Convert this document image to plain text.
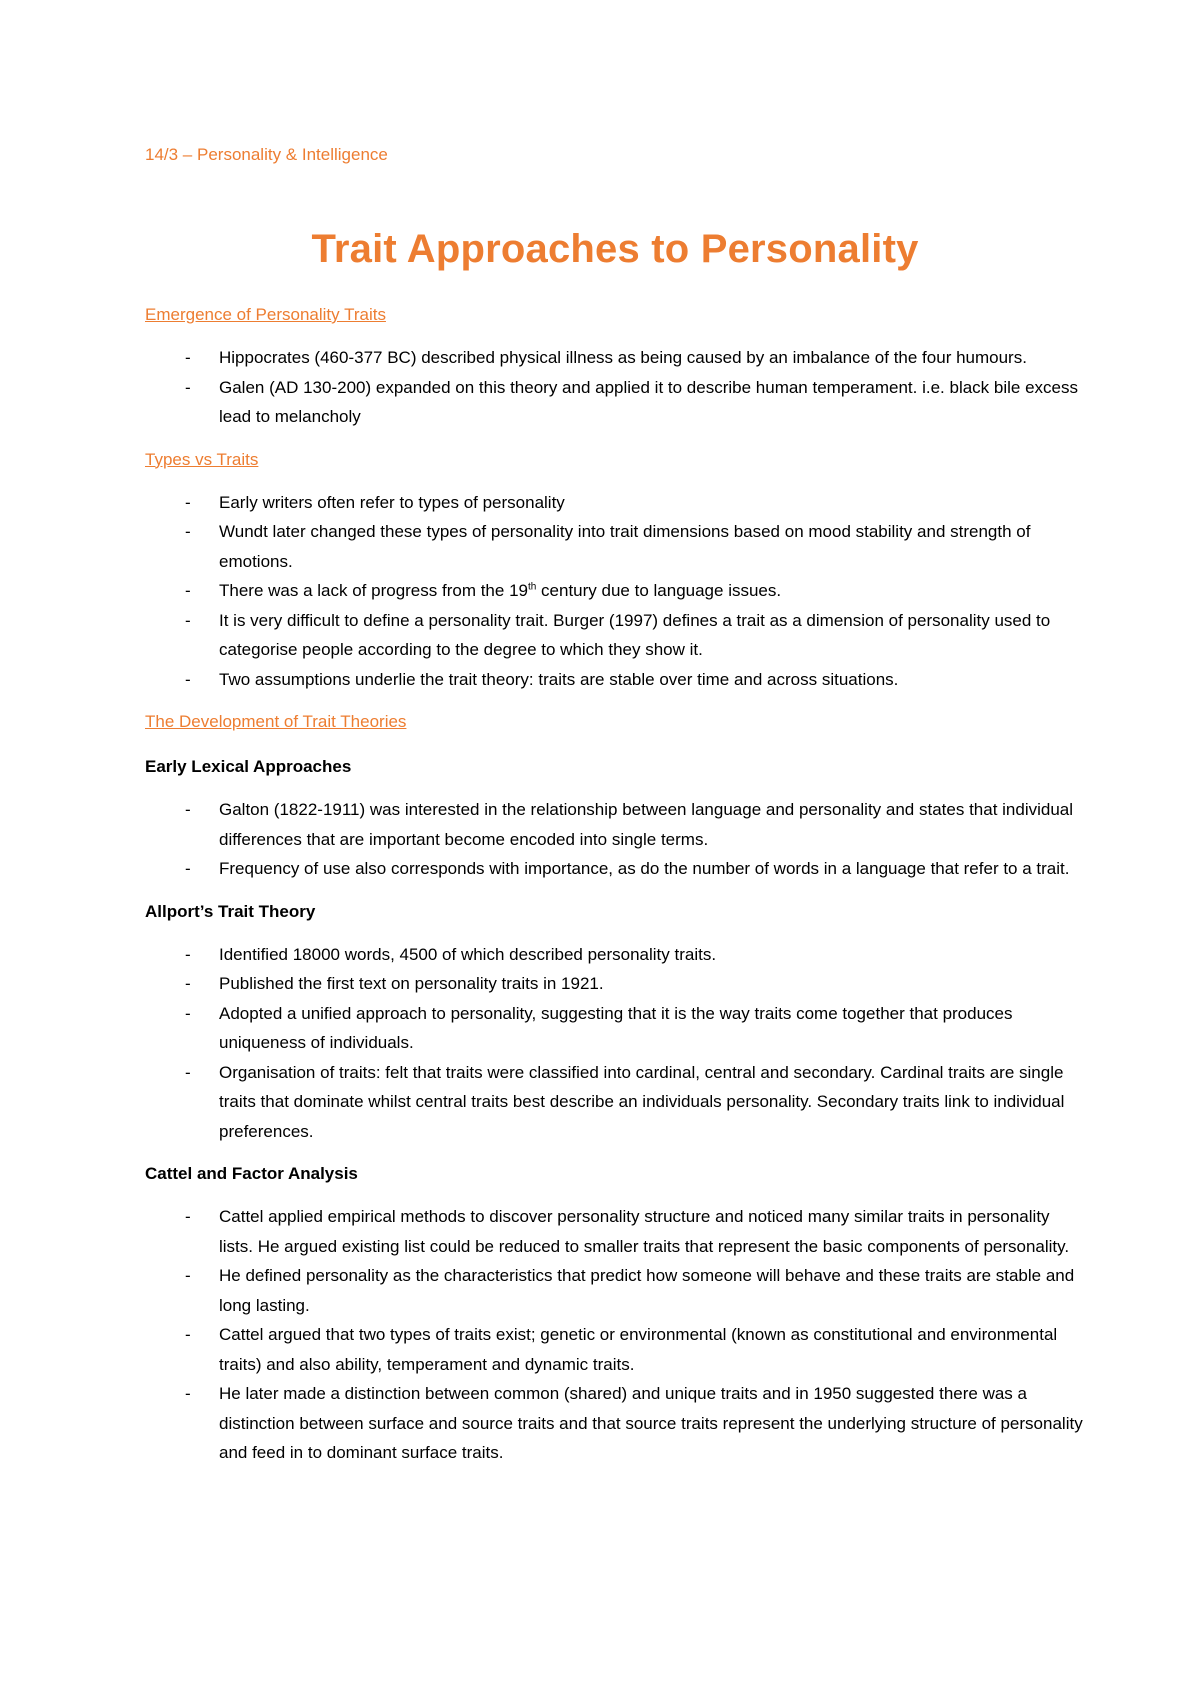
14/3 – Personality & Intelligence

Trait Approaches to Personality

Emergence of Personality Traits

- Hippocrates (460-377 BC) described physical illness as being caused by an imbalance of the four humours.
- Galen (AD 130-200) expanded on this theory and applied it to describe human temperament. i.e. black bile excess lead to melancholy

Types vs Traits

- Early writers often refer to types of personality
- Wundt later changed these types of personality into trait dimensions based on mood stability and strength of emotions.
- There was a lack of progress from the 19th century due to language issues.
- It is very difficult to define a personality trait. Burger (1997) defines a trait as a dimension of personality used to categorise people according to the degree to which they show it.
- Two assumptions underlie the trait theory: traits are stable over time and across situations.

The Development of Trait Theories

Early Lexical Approaches

- Galton (1822-1911) was interested in the relationship between language and personality and states that individual differences that are important become encoded into single terms.
- Frequency of use also corresponds with importance, as do the number of words in a language that refer to a trait.

Allport’s Trait Theory

- Identified 18000 words, 4500 of which described personality traits.
- Published the first text on personality traits in 1921.
- Adopted a unified approach to personality, suggesting that it is the way traits come together that produces uniqueness of individuals.
- Organisation of traits: felt that traits were classified into cardinal, central and secondary. Cardinal traits are single traits that dominate whilst central traits best describe an individuals personality. Secondary traits link to individual preferences.

Cattel and Factor Analysis

- Cattel applied empirical methods to discover personality structure and noticed many similar traits in personality lists. He argued existing list could be reduced to smaller traits that represent the basic components of personality.
- He defined personality as the characteristics that predict how someone will behave and these traits are stable and long lasting.
- Cattel argued that two types of traits exist; genetic or environmental (known as constitutional and environmental traits) and also ability, temperament and dynamic traits.
- He later made a distinction between common (shared) and unique traits and in 1950 suggested there was a distinction between surface and source traits and that source traits represent the underlying structure of personality and feed in to dominant surface traits.
